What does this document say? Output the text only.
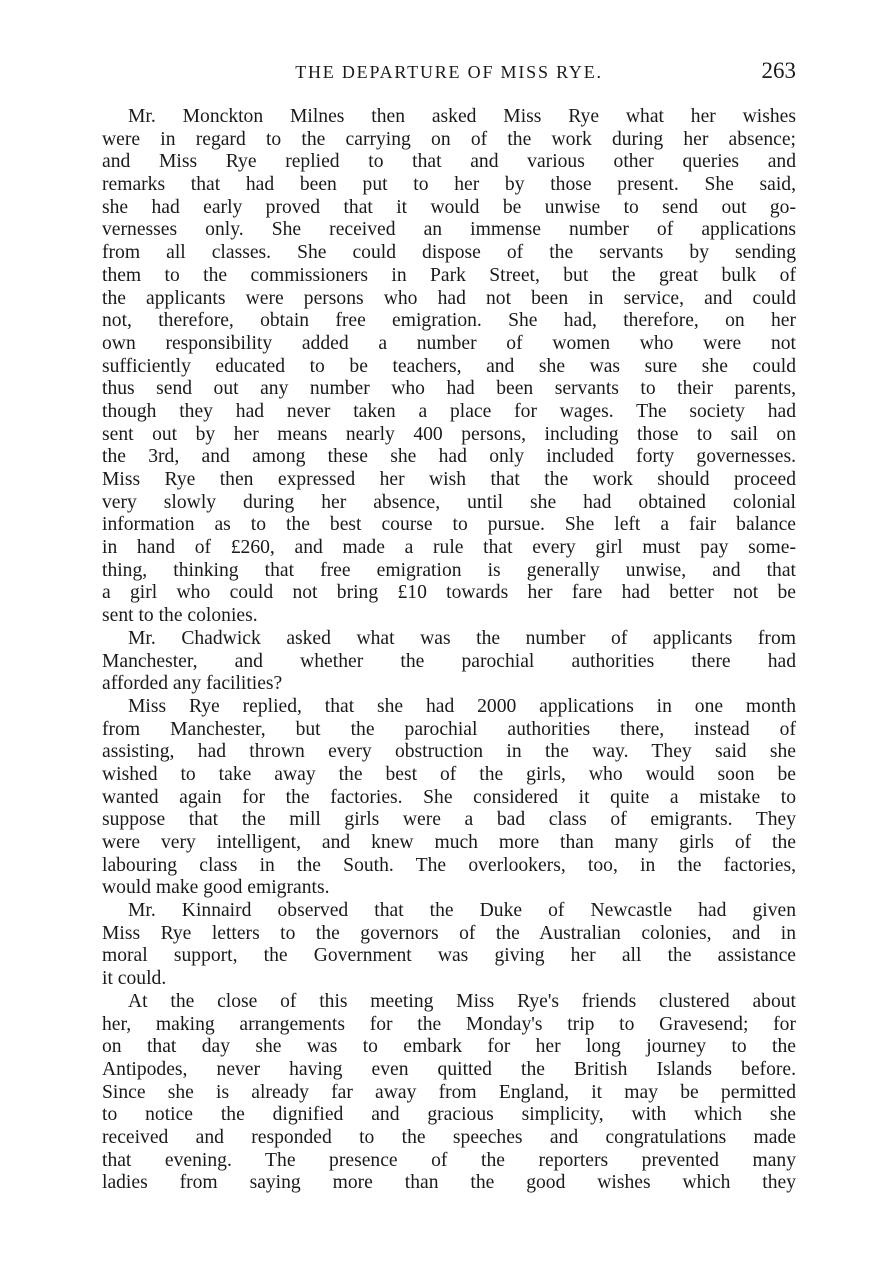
THE DEPARTURE OF MISS RYE.	263
Mr. Monckton Milnes then asked Miss Rye what her wishes
were in regard to the carrying on of the work during her absence;
and Miss Rye replied to that and various other queries and
remarks that had been put to her by those present. She said,
she had early proved that it would be unwise to send out go-
vernesses only. She received an immense number of applications
from all classes. She could dispose of the servants by sending
them to the commissioners in Park Street, but the great bulk of
the applicants were persons who had not been in service, and could
not, therefore, obtain free emigration. She had, therefore, on her
own responsibility added a number of women who were not
sufficiently educated to be teachers, and she was sure she could
thus send out any number who had been servants to their parents,
though they had never taken a place for wages. The society had
sent out by her means nearly 400 persons, including those to sail on
the 3rd, and among these she had only included forty governesses.
Miss Rye then expressed her wish that the work should proceed
very slowly during her absence, until she had obtained colonial
information as to the best course to pursue. She left a fair balance
in hand of £260, and made a rule that every girl must pay some-
thing, thinking that free emigration is generally unwise, and that
a girl who could not bring £10 towards her fare had better not be
sent to the colonies.
Mr. Chadwick asked what was the number of applicants from
Manchester, and whether the parochial authorities there had
afforded any facilities?
Miss Rye replied, that she had 2000 applications in one month
from Manchester, but the parochial authorities there, instead of
assisting, had thrown every obstruction in the way. They said she
wished to take away the best of the girls, who would soon be
wanted again for the factories. She considered it quite a mistake to
suppose that the mill girls were a bad class of emigrants. They
were very intelligent, and knew much more than many girls of the
labouring class in the South. The overlookers, too, in the factories,
would make good emigrants.
Mr. Kinnaird observed that the Duke of Newcastle had given
Miss Rye letters to the governors of the Australian colonies, and in
moral support, the Government was giving her all the assistance
it could.
At the close of this meeting Miss Rye's friends clustered about
her, making arrangements for the Monday's trip to Gravesend; for
on that day she was to embark for her long journey to the
Antipodes, never having even quitted the British Islands before.
Since she is already far away from England, it may be permitted
to notice the dignified and gracious simplicity, with which she
received and responded to the speeches and congratulations made
that evening. The presence of the reporters prevented many
ladies from saying more than the good wishes which they
